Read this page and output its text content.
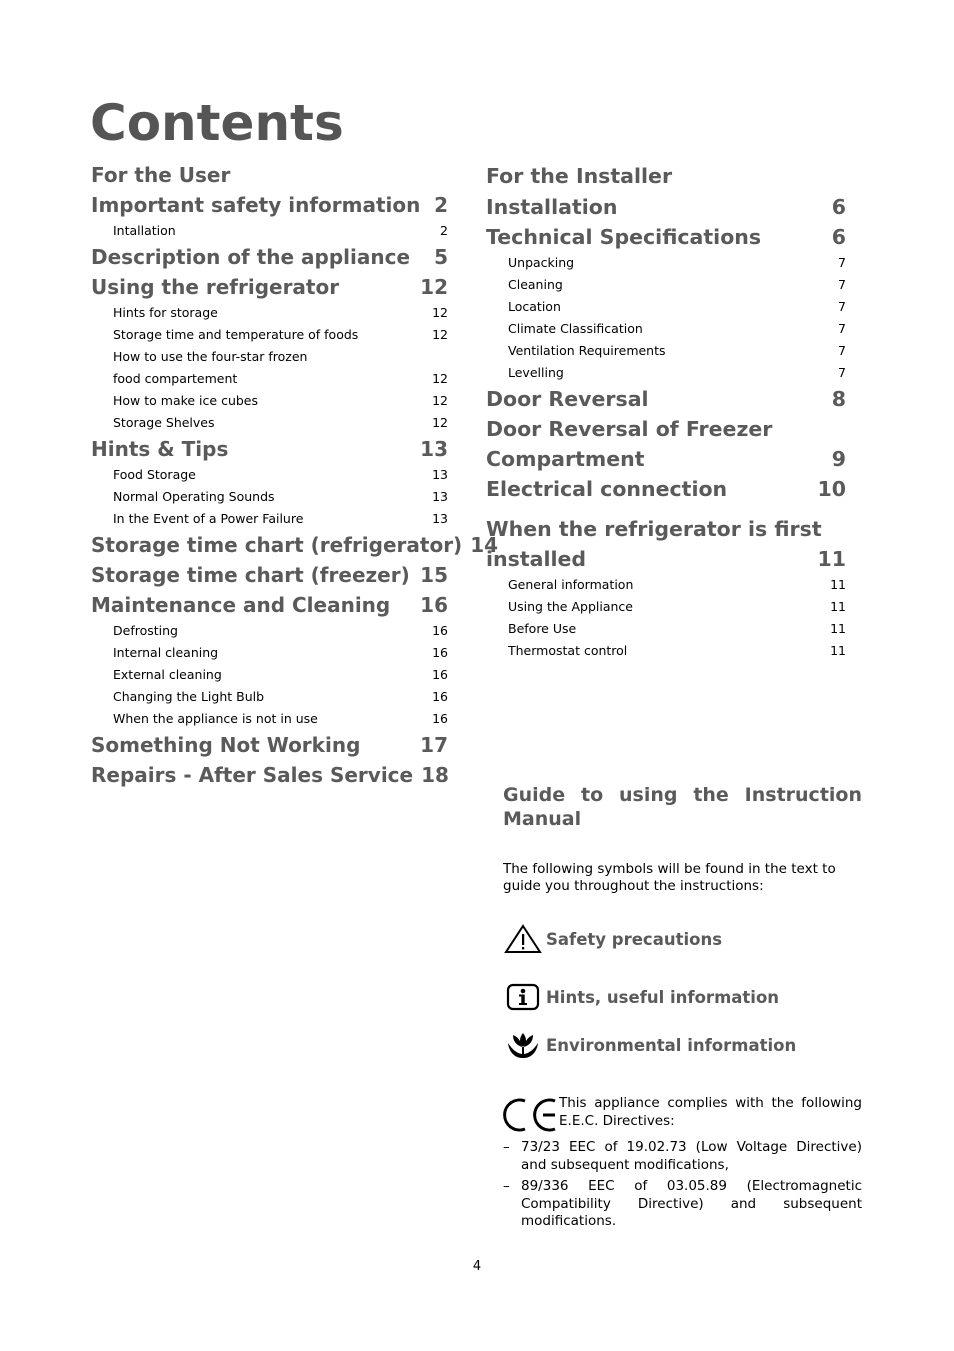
Contents
For the User
Important safety information 2
Intallation	2
Description of the appliance	5
Using the refrigerator	12
Hints for storage	12
Storage time and temperature of foods	12
How to use the four-star frozen
food compartement	12
How to make ice cubes	12
Storage Shelves	12
Hints & Tips	13
Food Storage	13
Normal Operating Sounds	13
In the Event of a Power Failure	13
Storage time chart (refrigerator) 14
Storage time chart (freezer) 15
Maintenance and Cleaning	16
Defrosting	16
Internal cleaning	16
External cleaning	16
Changing the Light Bulb	16
When the appliance is not in use	16
Something Not Working	17
Repairs - After Sales Service 18
For the Installer
Installation	6
Technical Specifications	6
Unpacking	7
Cleaning	7
Location	7
Climate Classification	7
Ventilation Requirements	7
Levelling	7
Door Reversal	8
Door Reversal of Freezer
Compartment	9
Electrical connection	10
When the refrigerator is first
installed	11
General information	11
Using the Appliance	11
Before Use	11
Thermostat control	11

Guide to using the Instruction Manual

The following symbols will be found in the text to guide you throughout the instructions:

Safety precautions
Hints, useful information
Environmental information
This appliance complies with the following E.E.C. Directives:
– 73/23 EEC of 19.02.73 (Low Voltage Directive) and subsequent modifications,
– 89/336 EEC of 03.05.89 (Electromagnetic Compatibility Directive) and subsequent modifications.
4
